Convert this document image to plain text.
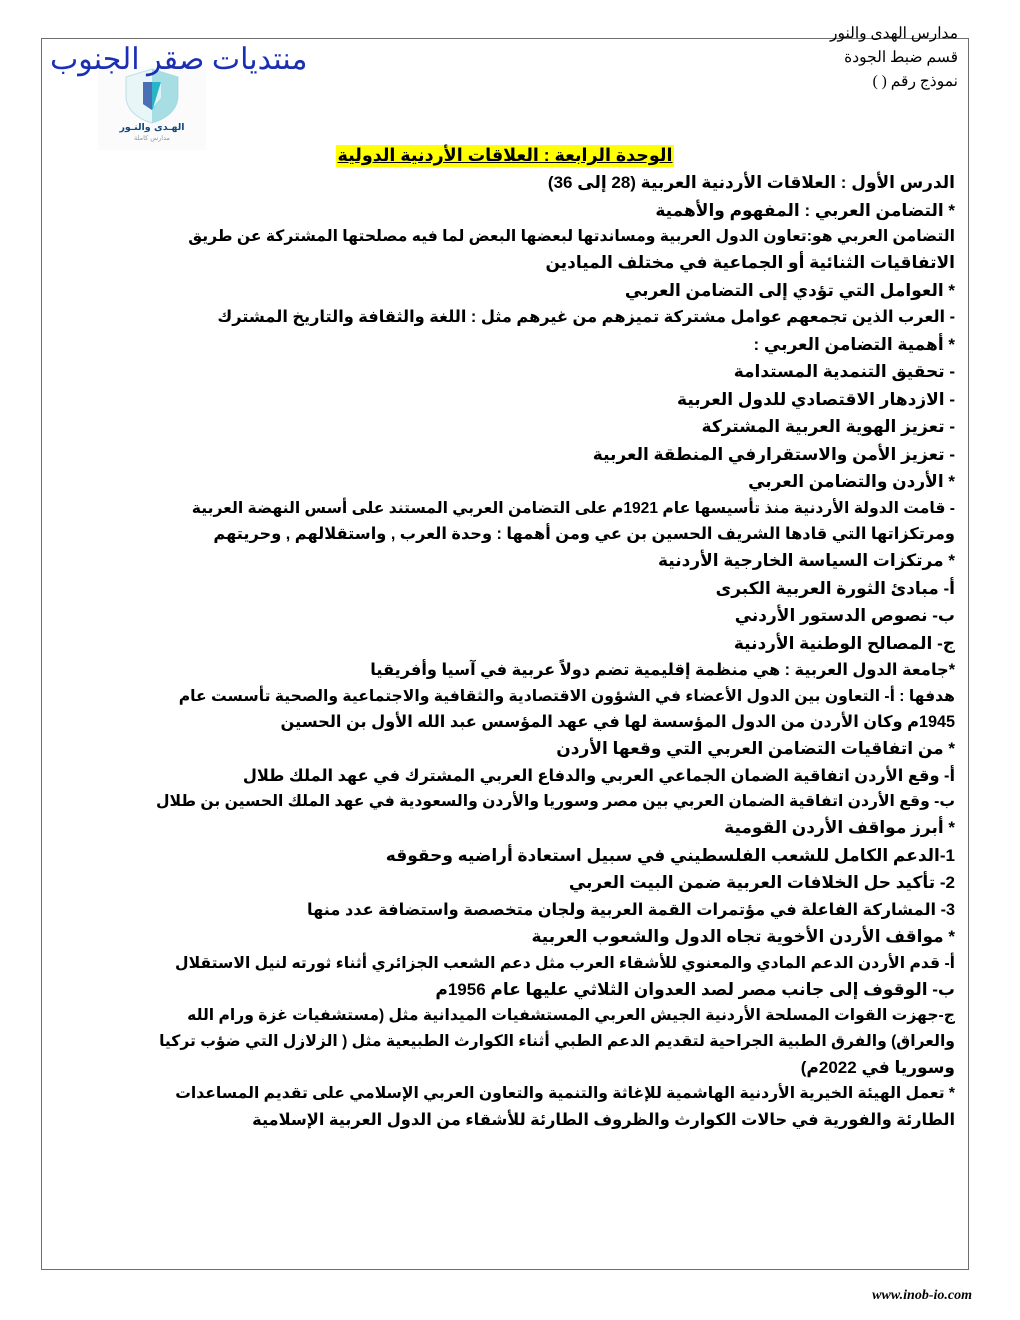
منتديات صقر الجنوب
الهـدى والنـور
مدارس كاملة
مدارس الهدى والنور
قسم ضبط الجودة
نموذج رقم ( )
الوحدة الرابعة : العلاقات الأردنية الدولية
الدرس الأول : العلاقات الأردنية العربية (28 إلى 36)
* التضامن العربي : المفهوم والأهمية
التضامن العربي هو:تعاون الدول العربية ومساندتها لبعضها البعض لما فيه مصلحتها المشتركة عن طريق
الاتفاقيات الثنائية أو الجماعية في مختلف الميادين
* العوامل التي تؤدي إلى التضامن العربي
- العرب الذين تجمعهم عوامل مشتركة تميزهم من غيرهم مثل : اللغة والثقافة والتاريخ المشترك
* أهمية التضامن العربي :
- تحقيق التنمدية المستدامة
- الازدهار الاقتصادي للدول العربية
- تعزيز الهوية العربية المشتركة
- تعزيز الأمن والاستقرارفي المنطقة العربية
* الأردن والتضامن العربي
- قامت الدولة الأردنية منذ تأسيسها عام 1921م على التضامن العربي المستند على أسس النهضة العربية
ومرتكزاتها التي قادها الشريف الحسين بن عي ومن أهمها : وحدة العرب , واستقلالهم , وحريتهم
* مرتكزات السياسة الخارجية الأردنية
أ- مبادئ الثورة العربية الكبرى
ب- نصوص الدستور الأردني
ج- المصالح الوطنية الأردنية
*جامعة الدول العربية : هي منظمة إقليمية تضم دولاً عربية في آسيا وأفريقيا
هدفها : أ- التعاون بين الدول الأعضاء في الشؤون الاقتصادية والثقافية والاجتماعية والصحية تأسست عام
1945م وكان الأردن من الدول المؤسسة لها في عهد المؤسس عبد الله الأول بن الحسين
* من اتفاقيات التضامن العربي التي وقعها الأردن
أ- وقع الأردن اتفاقية الضمان الجماعي العربي والدفاع العربي المشترك في عهد الملك طلال
ب- وقع الأردن اتفاقية الضمان العربي بين مصر وسوريا والأردن والسعودية في عهد الملك الحسين بن طلال
* أبرز مواقف الأردن القومية
1-الدعم الكامل للشعب الفلسطيني في سبيل استعادة أراضيه وحقوقه
2- تأكيد حل الخلافات العربية ضمن البيت العربي
3- المشاركة الفاعلة في مؤتمرات القمة العربية ولجان متخصصة واستضافة عدد منها
* مواقف الأردن الأخوية تجاه الدول والشعوب العربية
أ- قدم الأردن الدعم المادي والمعنوي للأشقاء العرب مثل دعم الشعب الجزائري أثناء ثورته لنيل الاستقلال
ب- الوقوف إلى جانب مصر لصد العدوان الثلاثي عليها عام 1956م
ج-جهزت القوات المسلحة الأردنية الجيش العربي المستشفيات الميدانية مثل (مستشفيات غزة ورام الله
والعراق) والفرق الطبية الجراحية لتقديم الدعم الطبي أثناء الكوارث الطبيعية مثل ( الزلازل التي ضؤب تركيا
وسوريا في 2022م)
* تعمل الهيئة الخيرية الأردنية الهاشمية للإغاثة والتنمية والتعاون العربي الإسلامي على تقديم المساعدات
الطارئة والفورية في حالات الكوارث والظروف الطارئة للأشقاء من الدول العربية الإسلامية
www.inob-io.com
